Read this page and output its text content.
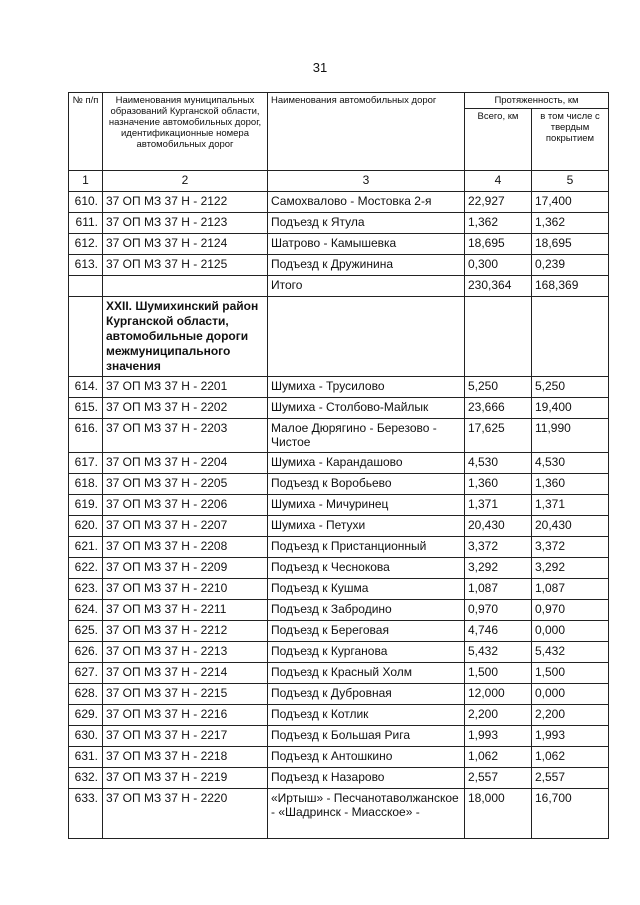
31
№ п/п	Наименования муниципальных образований Курганской области, назначение автомобильных дорог, идентификационные номера автомобильных дорог	Наименования автомобильных дорог	Протяженность, км	
			Всего, км	в том числе с твердым покрытием
1	2	3	4	5
610.	37 ОП МЗ 37 Н - 2122	Самохвалово - Мостовка 2-я	22,927	17,400
611.	37 ОП МЗ 37 Н - 2123	Подъезд к Ятула	1,362	1,362
612.	37 ОП МЗ 37 Н - 2124	Шатрово - Камышевка	18,695	18,695
613.	37 ОП МЗ 37 Н - 2125	Подъезд к Дружинина	0,300	0,239
		Итого	230,364	168,369
	XXII. Шумихинский район Курганской области, автомобильные дороги межмуниципального значения			
614.	37 ОП МЗ 37 Н - 2201	Шумиха - Трусилово	5,250	5,250
615.	37 ОП МЗ 37 Н - 2202	Шумиха - Столбово-Майлык	23,666	19,400
616.	37 ОП МЗ 37 Н - 2203	Малое Дюрягино - Березово - Чистое	17,625	11,990
617.	37 ОП МЗ 37 Н - 2204	Шумиха - Карандашово	4,530	4,530
618.	37 ОП МЗ 37 Н - 2205	Подъезд к Воробьево	1,360	1,360
619.	37 ОП МЗ 37 Н - 2206	Шумиха - Мичуринец	1,371	1,371
620.	37 ОП МЗ 37 Н - 2207	Шумиха - Петухи	20,430	20,430
621.	37 ОП МЗ 37 Н - 2208	Подъезд к Пристанционный	3,372	3,372
622.	37 ОП МЗ 37 Н - 2209	Подъезд к Чеснокова	3,292	3,292
623.	37 ОП МЗ 37 Н - 2210	Подъезд к Кушма	1,087	1,087
624.	37 ОП МЗ 37 Н - 2211	Подъезд к Забродино	0,970	0,970
625.	37 ОП МЗ 37 Н - 2212	Подъезд к Береговая	4,746	0,000
626.	37 ОП МЗ 37 Н - 2213	Подъезд к Курганова	5,432	5,432
627.	37 ОП МЗ 37 Н - 2214	Подъезд к Красный Холм	1,500	1,500
628.	37 ОП МЗ 37 Н - 2215	Подъезд к Дубровная	12,000	0,000
629.	37 ОП МЗ 37 Н - 2216	Подъезд к Котлик	2,200	2,200
630.	37 ОП МЗ 37 Н - 2217	Подъезд к Большая Рига	1,993	1,993
631.	37 ОП МЗ 37 Н - 2218	Подъезд к Антошкино	1,062	1,062
632.	37 ОП МЗ 37 Н - 2219	Подъезд к Назарово	2,557	2,557
633.	37 ОП МЗ 37 Н - 2220	«Иртыш» - Песчанотаволжанское - «Шадринск - Миасское» -	18,000	16,700
